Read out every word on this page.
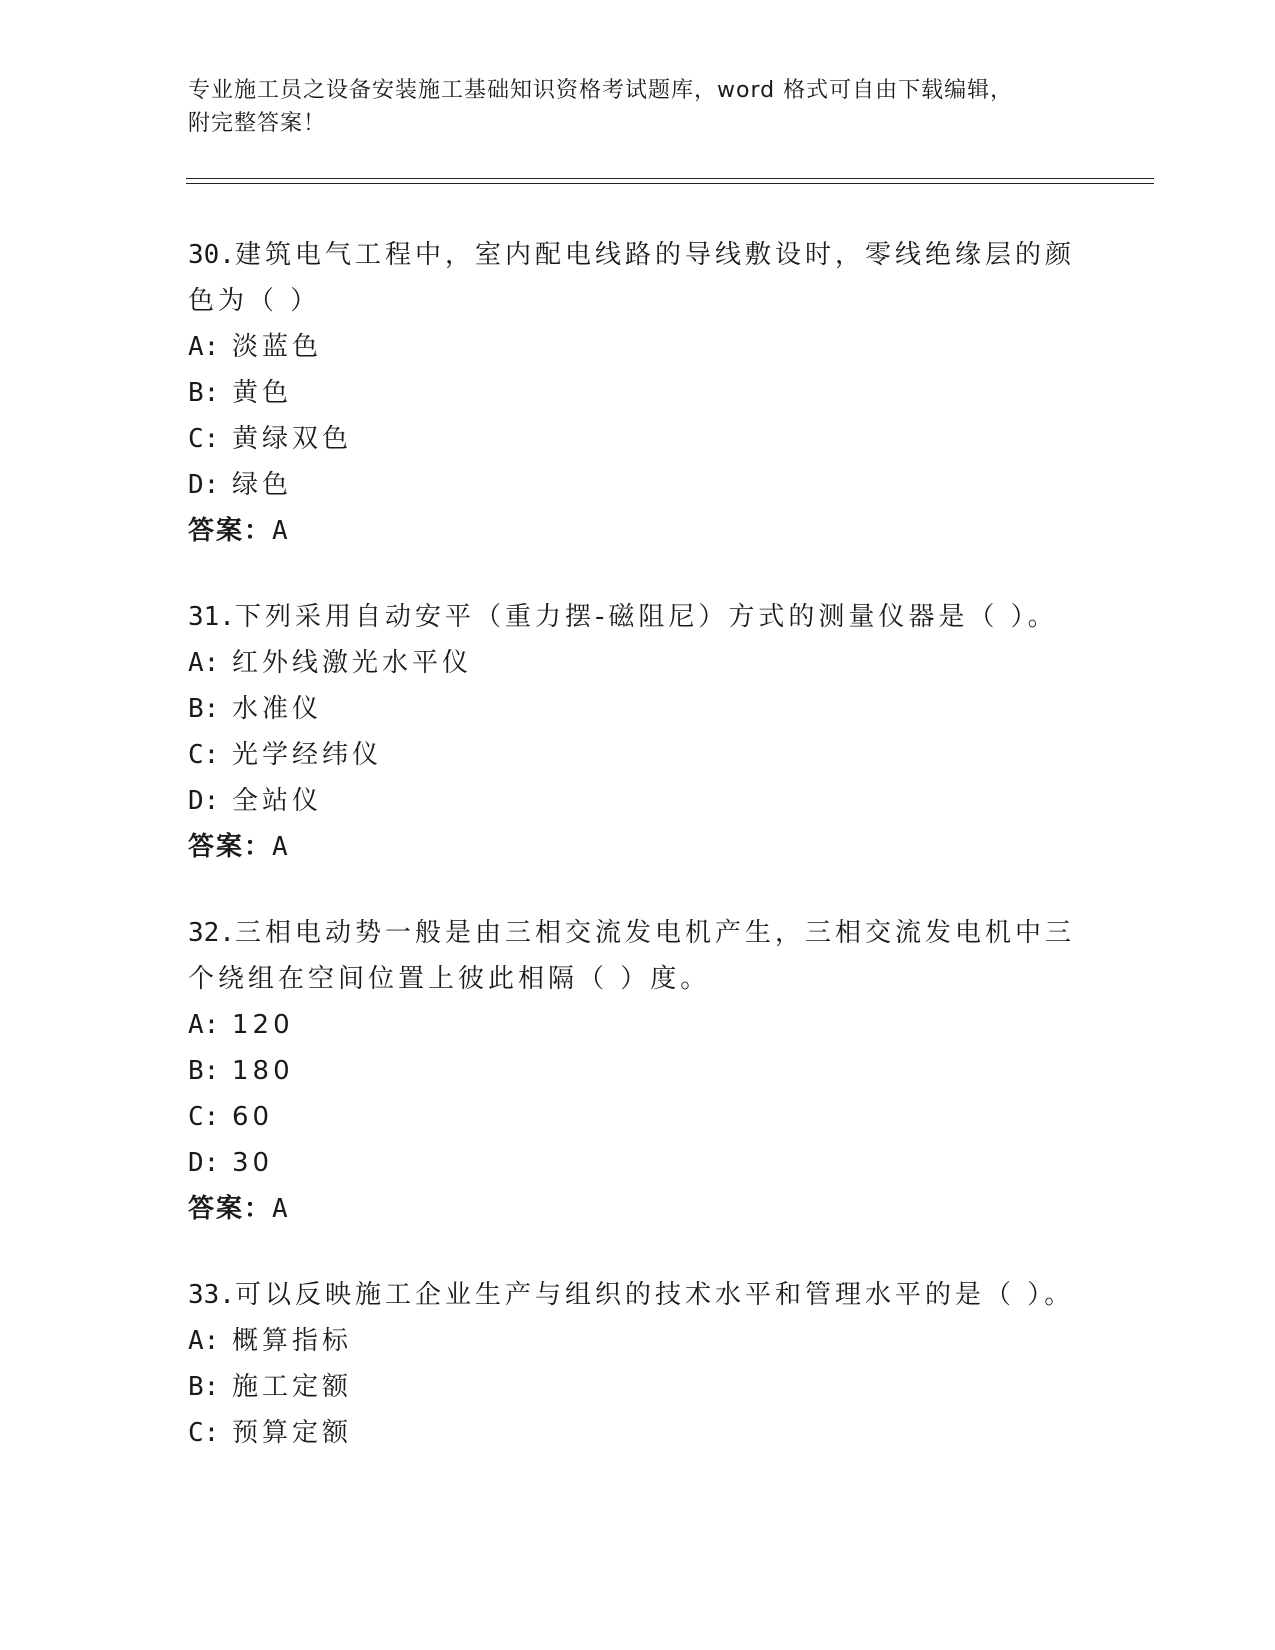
专业施工员之设备安装施工基础知识资格考试题库，word 格式可自由下载编辑，
附完整答案！
30.建筑电气工程中，室内配电线路的导线敷设时，零线绝缘层的颜色为（ ）
A: 淡蓝色
B: 黄色
C: 黄绿双色
D: 绿色
答案：A
31.下列采用自动安平（重力摆-磁阻尼）方式的测量仪器是（ ）。
A: 红外线激光水平仪
B: 水准仪
C: 光学经纬仪
D: 全站仪
答案：A
32.三相电动势一般是由三相交流发电机产生，三相交流发电机中三个绕组在空间位置上彼此相隔（ ）度。
A: 120
B: 180
C: 60
D: 30
答案：A
33.可以反映施工企业生产与组织的技术水平和管理水平的是（ ）。
A: 概算指标
B: 施工定额
C: 预算定额
